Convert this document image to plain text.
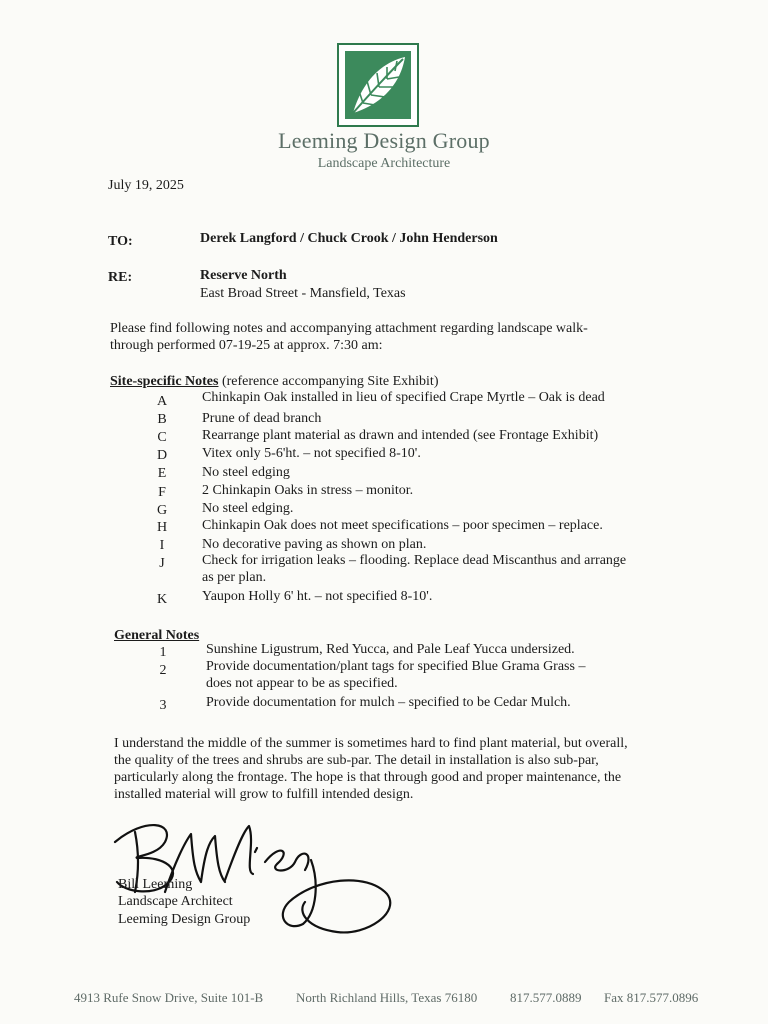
Leeming Design Group
Landscape Architecture
July 19, 2025
TO:	Derek Langford / Chuck Crook / John Henderson
RE:	Reserve North
East Broad Street - Mansfield, Texas
Please find following notes and accompanying attachment regarding landscape walk-through performed 07-19-25 at approx. 7:30 am:
Site-specific Notes (reference accompanying Site Exhibit)
A	Chinkapin Oak installed in lieu of specified Crape Myrtle – Oak is dead
B	Prune of dead branch
C	Rearrange plant material as drawn and intended (see Frontage Exhibit)
D	Vitex only 5-6'ht. – not specified 8-10'.
E	No steel edging
F	2 Chinkapin Oaks in stress – monitor.
G	No steel edging.
H	Chinkapin Oak does not meet specifications – poor specimen – replace.
I	No decorative paving as shown on plan.
J	Check for irrigation leaks – flooding. Replace dead Miscanthus and arrange as per plan.
K	Yaupon Holly 6' ht. – not specified 8-10'.
General Notes
1	Sunshine Ligustrum, Red Yucca, and Pale Leaf Yucca undersized.
2	Provide documentation/plant tags for specified Blue Grama Grass – does not appear to be as specified.
3	Provide documentation for mulch – specified to be Cedar Mulch.
I understand the middle of the summer is sometimes hard to find plant material, but overall, the quality of the trees and shrubs are sub-par. The detail in installation is also sub-par, particularly along the frontage. The hope is that through good and proper maintenance, the installed material will grow to fulfill intended design.
Bill Leeming
Landscape Architect
Leeming Design Group
4913 Rufe Snow Drive, Suite 101-B	North Richland Hills, Texas 76180	817.577.0889 Fax 817.577.0896
